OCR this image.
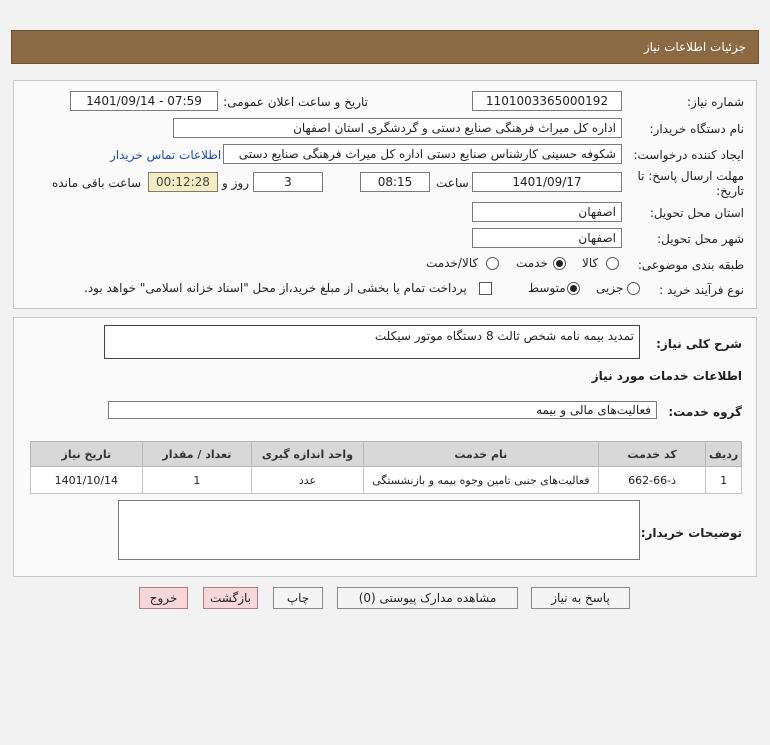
جزئیات اطلاعات نیاز
شماره نیاز:
1101003365000192
تاریخ و ساعت اعلان عمومی:
1401/09/14 - 07:59
نام دستگاه خریدار:
اداره کل میراث فرهنگی صنایع دستی و گردشگری استان اصفهان
ایجاد کننده درخواست:
شکوفه حسینی کارشناس صنایع دستی اداره کل میراث فرهنگی صنایع دستی
اطلاعات تماس خریدار
مهلت ارسال پاسخ: تا
تاریخ:
1401/09/17
ساعت
08:15
3
روز و
00:12:28
ساعت باقی مانده
استان محل تحویل:
اصفهان
شهر محل تحویل:
اصفهان
طبقه بندی موضوعی:
کالا
خدمت
کالا/خدمت
نوع فرآیند خرید :
جزیی
متوسط
پرداخت تمام یا بخشی از مبلغ خرید،از محل "اسناد خزانه اسلامی" خواهد بود.
شرح کلی نیاز:
تمدید بیمه نامه شخص ثالث 8 دستگاه موتور سیکلت
اطلاعات خدمات مورد نیاز
گروه خدمت:
فعالیت‌های مالی و بیمه
ردیف	کد خدمت	نام خدمت	واحد اندازه گیری	تعداد / مقدار	تاریخ نیاز
1	ذ-66-662	فعالیت‌های جنبی تامین وجوه بیمه و بازنشستگی	عدد	1	1401/10/14
توضیحات خریدار:
پاسخ به نیاز
مشاهده مدارک پیوستی (0)
چاپ
بازگشت
خروج
